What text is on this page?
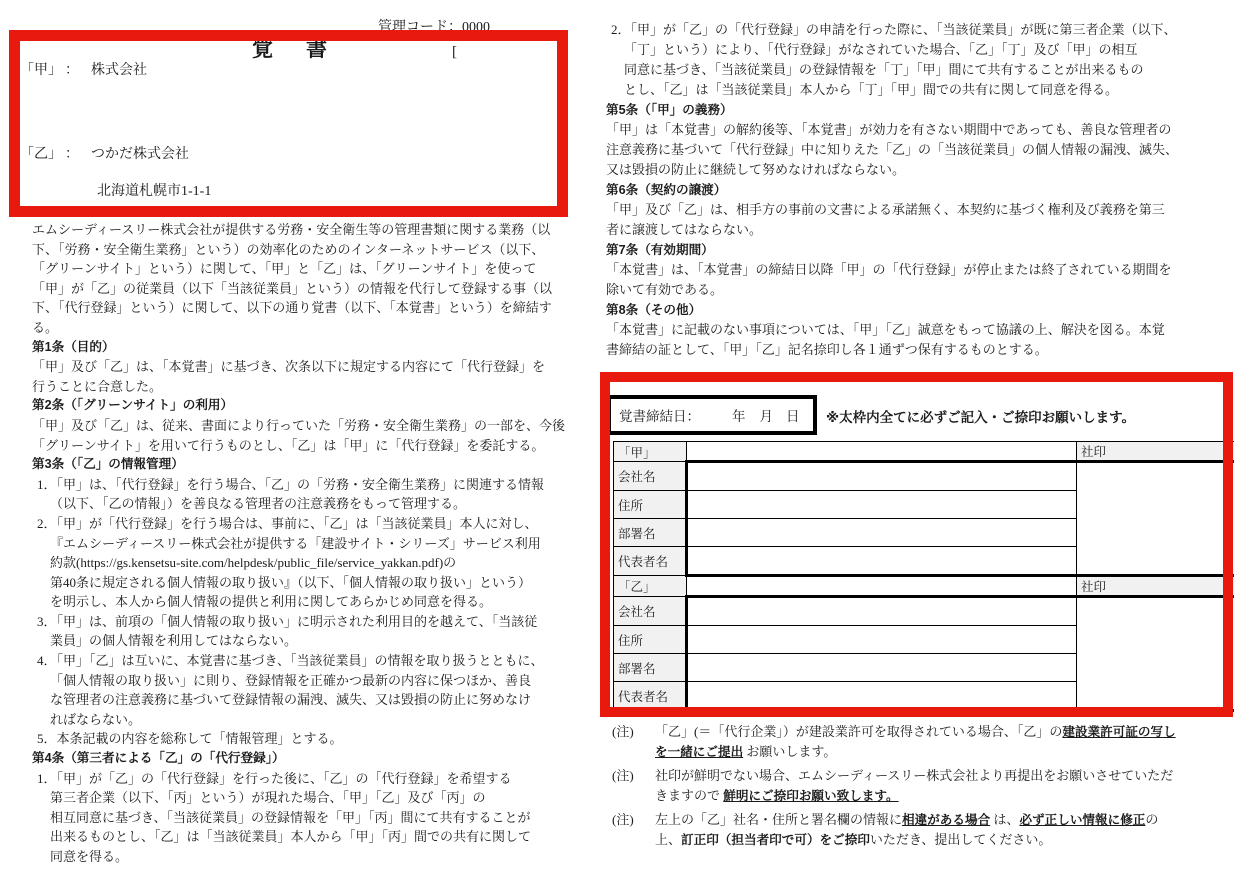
管理コード：0000
覚　書	[
「甲」 ： 株式会社
「乙」 ： つかだ株式会社
北海道札幌市1-1-1
エムシーディースリー株式会社が提供する労務・安全衛生等の管理書類に関する業務（以
下、「労務・安全衛生業務」という）の効率化のためのインターネットサービス（以下、
「グリーンサイト」という）に関して、「甲」と「乙」は、「グリーンサイト」を使って
「甲」が「乙」の従業員（以下「当該従業員」という）の情報を代行して登録する事（以
下、「代行登録」という）に関して、以下の通り覚書（以下、「本覚書」という）を締結す
る。
第1条（目的）
「甲」及び「乙」は、「本覚書」に基づき、次条以下に規定する内容にて「代行登録」を
行うことに合意した。
第2条（「グリーンサイト」の利用）
「甲」及び「乙」は、従来、書面により行っていた「労務・安全衛生業務」の一部を、今後
「グリーンサイト」を用いて行うものとし、「乙」は「甲」に「代行登録」を委託する。
第3条（「乙」の情報管理）
1．「甲」は、「代行登録」を行う場合、「乙」の「労務・安全衛生業務」に関連する情報
（以下、「乙の情報」）を善良なる管理者の注意義務をもって管理する。
2．「甲」が「代行登録」を行う場合は、事前に、「乙」は「当該従業員」本人に対し、
『エムシーディースリー株式会社が提供する「建設サイト・シリーズ」サービス利用
約款(https://gs.kensetsu-site.com/helpdesk/public_file/service_yakkan.pdf)の
第40条に規定される個人情報の取り扱い』（以下、「個人情報の取り扱い」という）
を明示し、本人から個人情報の提供と利用に関してあらかじめ同意を得る。
3．「甲」は、前項の「個人情報の取り扱い」に明示された利用目的を越えて、「当該従
業員」の個人情報を利用してはならない。
4．「甲」「乙」は互いに、本覚書に基づき、「当該従業員」の情報を取り扱うとともに、
「個人情報の取り扱い」に則り、登録情報を正確かつ最新の内容に保つほか、善良
な管理者の注意義務に基づいて登録情報の漏洩、滅失、又は毀損の防止に努めなけ
ればならない。
5．本条記載の内容を総称して「情報管理」とする。
第4条（第三者による「乙」の「代行登録」）
1．「甲」が「乙」の「代行登録」を行った後に、「乙」の「代行登録」を希望する
第三者企業（以下、「丙」という）が現れた場合、「甲」「乙」及び「丙」の
相互同意に基づき、「当該従業員」の登録情報を「甲」「丙」間にて共有することが
出来るものとし、「乙」は「当該従業員」本人から「甲」「丙」間での共有に関して
同意を得る。
2．「甲」が「乙」の「代行登録」の申請を行った際に、「当該従業員」が既に第三者企業（以下、
「丁」という）により、「代行登録」がなされていた場合、「乙」「丁」及び「甲」の相互
同意に基づき、「当該従業員」の登録情報を「丁」「甲」間にて共有することが出来るもの
とし、「乙」は「当該従業員」本人から「丁」「甲」間での共有に関して同意を得る。
第5条（「甲」の義務）
「甲」は「本覚書」の解約後等、「本覚書」が効力を有さない期間中であっても、善良な管理者の
注意義務に基づいて「代行登録」中に知りえた「乙」の「当該従業員」の個人情報の漏洩、滅失、
又は毀損の防止に継続して努めなければならない。
第6条（契約の譲渡）
「甲」及び「乙」は、相手方の事前の文書による承諾無く、本契約に基づく権利及び義務を第三
者に譲渡してはならない。
第7条（有効期間）
「本覚書」は、「本覚書」の締結日以降「甲」の「代行登録」が停止または終了されている期間を
除いて有効である。
第8条（その他）
「本覚書」に記載のない事項については、「甲」「乙」誠意をもって協議の上、解決を図る。本覚
書締結の証として、「甲」「乙」記名捺印し各１通ずつ保有するものとする。
覚書締結日： 年 月 日 ※太枠内全てに必ずご記入・ご捺印お願いします。
「甲」		社印
会社名		
住所		
部署名		
代表者名		
「乙」		社印
会社名		
住所		
部署名		
代表者名		
(注)	「乙」(＝「代行企業」）が建設業許可を取得されている場合、「乙」の建設業許可証の写し
を一緒にご提出 お願いします。
(注)	社印が鮮明でない場合、エムシーディースリー株式会社より再提出をお願いさせていただ
きますので 鮮明にご捺印お願い致します。
(注)	左上の「乙」社名・住所と署名欄の情報に相違がある場合 は、必ず正しい情報に修正の
上、訂正印（担当者印で可）をご捺印いただき、提出してください。
